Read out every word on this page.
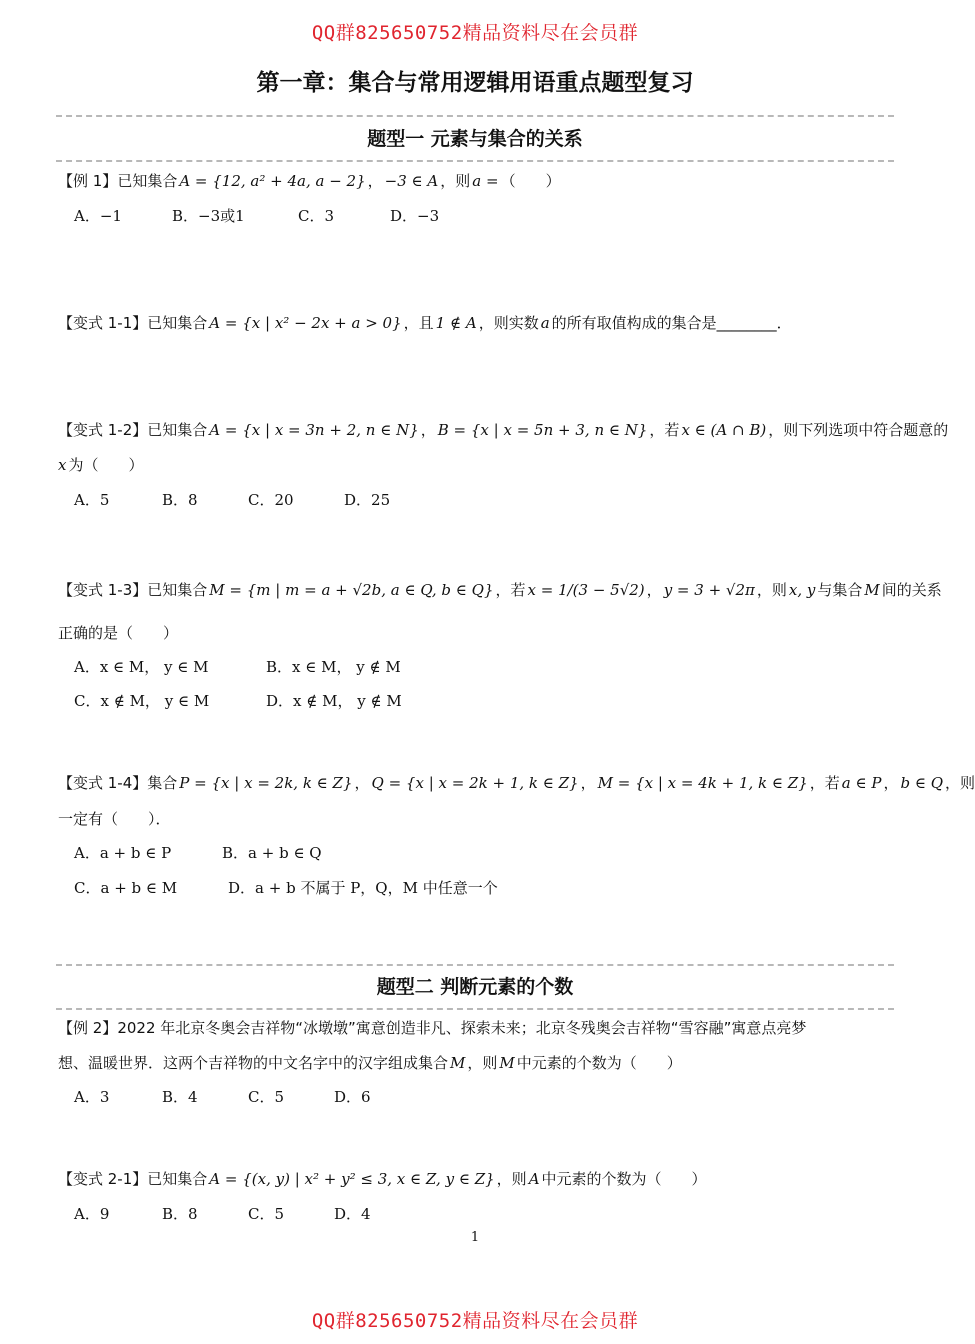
QQ群825650752精品资料尽在会员群
第一章：集合与常用逻辑用语重点题型复习
题型一 元素与集合的关系
【例 1】已知集合 A = {12, a² + 4a, a − 2} ， −3 ∈ A ，则 a = （　　）
A．−1	B．−3或1	C．3	D．−3
【变式 1-1】已知集合 A = {x | x² − 2x + a > 0} ，且 1 ∉ A ，则实数 a 的所有取值构成的集合是________．
【变式 1-2】已知集合 A = {x | x = 3n + 2, n ∈ N} ， B = {x | x = 5n + 3, n ∈ N} ，若 x ∈ (A ∩ B) ，则下列选项中符合题意的
x 为（　　）
A．5	B．8	C．20	D．25
【变式 1-3】已知集合 M = {m | m = a + √2b, a ∈ Q, b ∈ Q} ，若 x = 1/(3 − 5√2) ， y = 3 + √2π ，则 x, y 与集合 M 间的关系
正确的是（　　）
A．x ∈ M， y ∈ M	B．x ∈ M， y ∉ M
C．x ∉ M， y ∈ M	D．x ∉ M， y ∉ M
【变式 1-4】集合 P = {x | x = 2k, k ∈ Z} ， Q = {x | x = 2k + 1, k ∈ Z} ， M = {x | x = 4k + 1, k ∈ Z} ，若 a ∈ P ， b ∈ Q ，则
一定有（　　）．
A．a + b ∈ P	B．a + b ∈ Q
C．a + b ∈ M	D．a + b 不属于 P，Q，M 中任意一个
题型二 判断元素的个数
【例 2】2022 年北京冬奥会吉祥物“冰墩墩”寓意创造非凡、探索未来；北京冬残奥会吉祥物“雪容融”寓意点亮梦
想、温暖世界．这两个吉祥物的中文名字中的汉字组成集合 M ，则 M 中元素的个数为（　　）
A．3	B．4	C．5	D．6
【变式 2-1】已知集合 A = {(x, y) | x² + y² ≤ 3, x ∈ Z, y ∈ Z} ，则 A 中元素的个数为（　　）
A．9	B．8	C．5	D．4
1
QQ群825650752精品资料尽在会员群
